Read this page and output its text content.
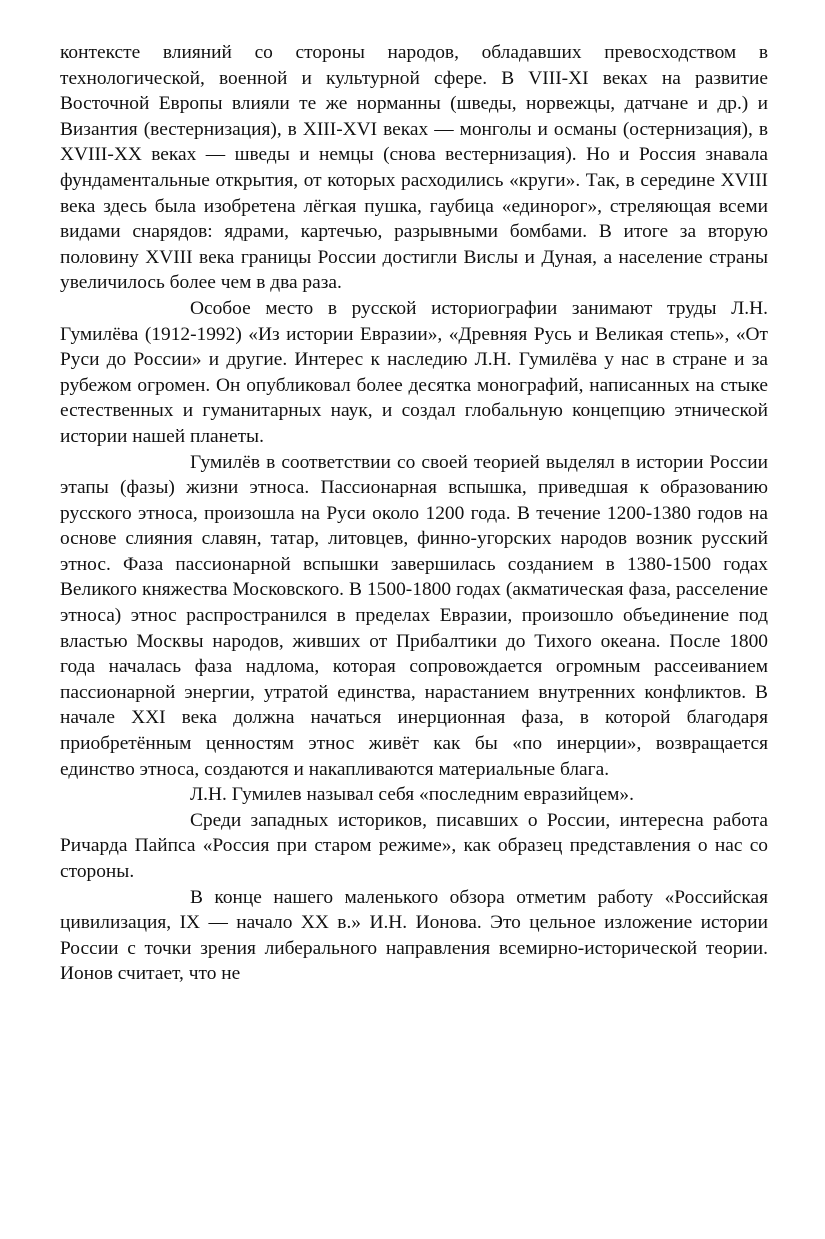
контексте влияний со стороны народов, обладавших превосходством в технологической, военной и культурной сфере. В VIII-XI веках на развитие Восточной Европы влияли те же норманны (шведы, норвежцы, датчане и др.) и Византия (вестернизация), в XIII-XVI веках — монголы и османы (остернизация), в XVIII-XX веках — шведы и немцы (снова вестернизация). Но и Россия знавала фундаментальные открытия, от которых расходились «круги». Так, в середине XVIII века здесь была изобретена лёгкая пушка, гаубица «единорог», стреляющая всеми видами снарядов: ядрами, картечью, разрывными бомбами. В итоге за вторую половину XVIII века границы России достигли Вислы и Дуная, а население страны увеличилось более чем в два раза.

Особое место в русской историографии занимают труды Л.Н. Гумилёва (1912-1992) «Из истории Евразии», «Древняя Русь и Великая степь», «От Руси до России» и другие. Интерес к наследию Л.Н. Гумилёва у нас в стране и за рубежом огромен. Он опубликовал более десятка монографий, написанных на стыке естественных и гуманитарных наук, и создал глобальную концепцию этнической истории нашей планеты.

Гумилёв в соответствии со своей теорией выделял в истории России этапы (фазы) жизни этноса. Пассионарная вспышка, приведшая к образованию русского этноса, произошла на Руси около 1200 года. В течение 1200-1380 годов на основе слияния славян, татар, литовцев, финно-угорских народов возник русский этнос. Фаза пассионарной вспышки завершилась созданием в 1380-1500 годах Великого княжества Московского. В 1500-1800 годах (акматическая фаза, расселение этноса) этнос распространился в пределах Евразии, произошло объединение под властью Москвы народов, живших от Прибалтики до Тихого океана. После 1800 года началась фаза надлома, которая сопровождается огромным рассеиванием пассионарной энергии, утратой единства, нарастанием внутренних конфликтов. В начале XXI века должна начаться инерционная фаза, в которой благодаря приобретённым ценностям этнос живёт как бы «по инерции», возвращается единство этноса, создаются и накапливаются материальные блага.

Л.Н. Гумилев называл себя «последним евразийцем».

Среди западных историков, писавших о России, интересна работа Ричарда Пайпса «Россия при старом режиме», как образец представления о нас со стороны.

В конце нашего маленького обзора отметим работу «Российская цивилизация, IX — начало XX в.» И.Н. Ионова. Это цельное изложение истории России с точки зрения либерального направления всемирно-исторической теории. Ионов считает, что не
